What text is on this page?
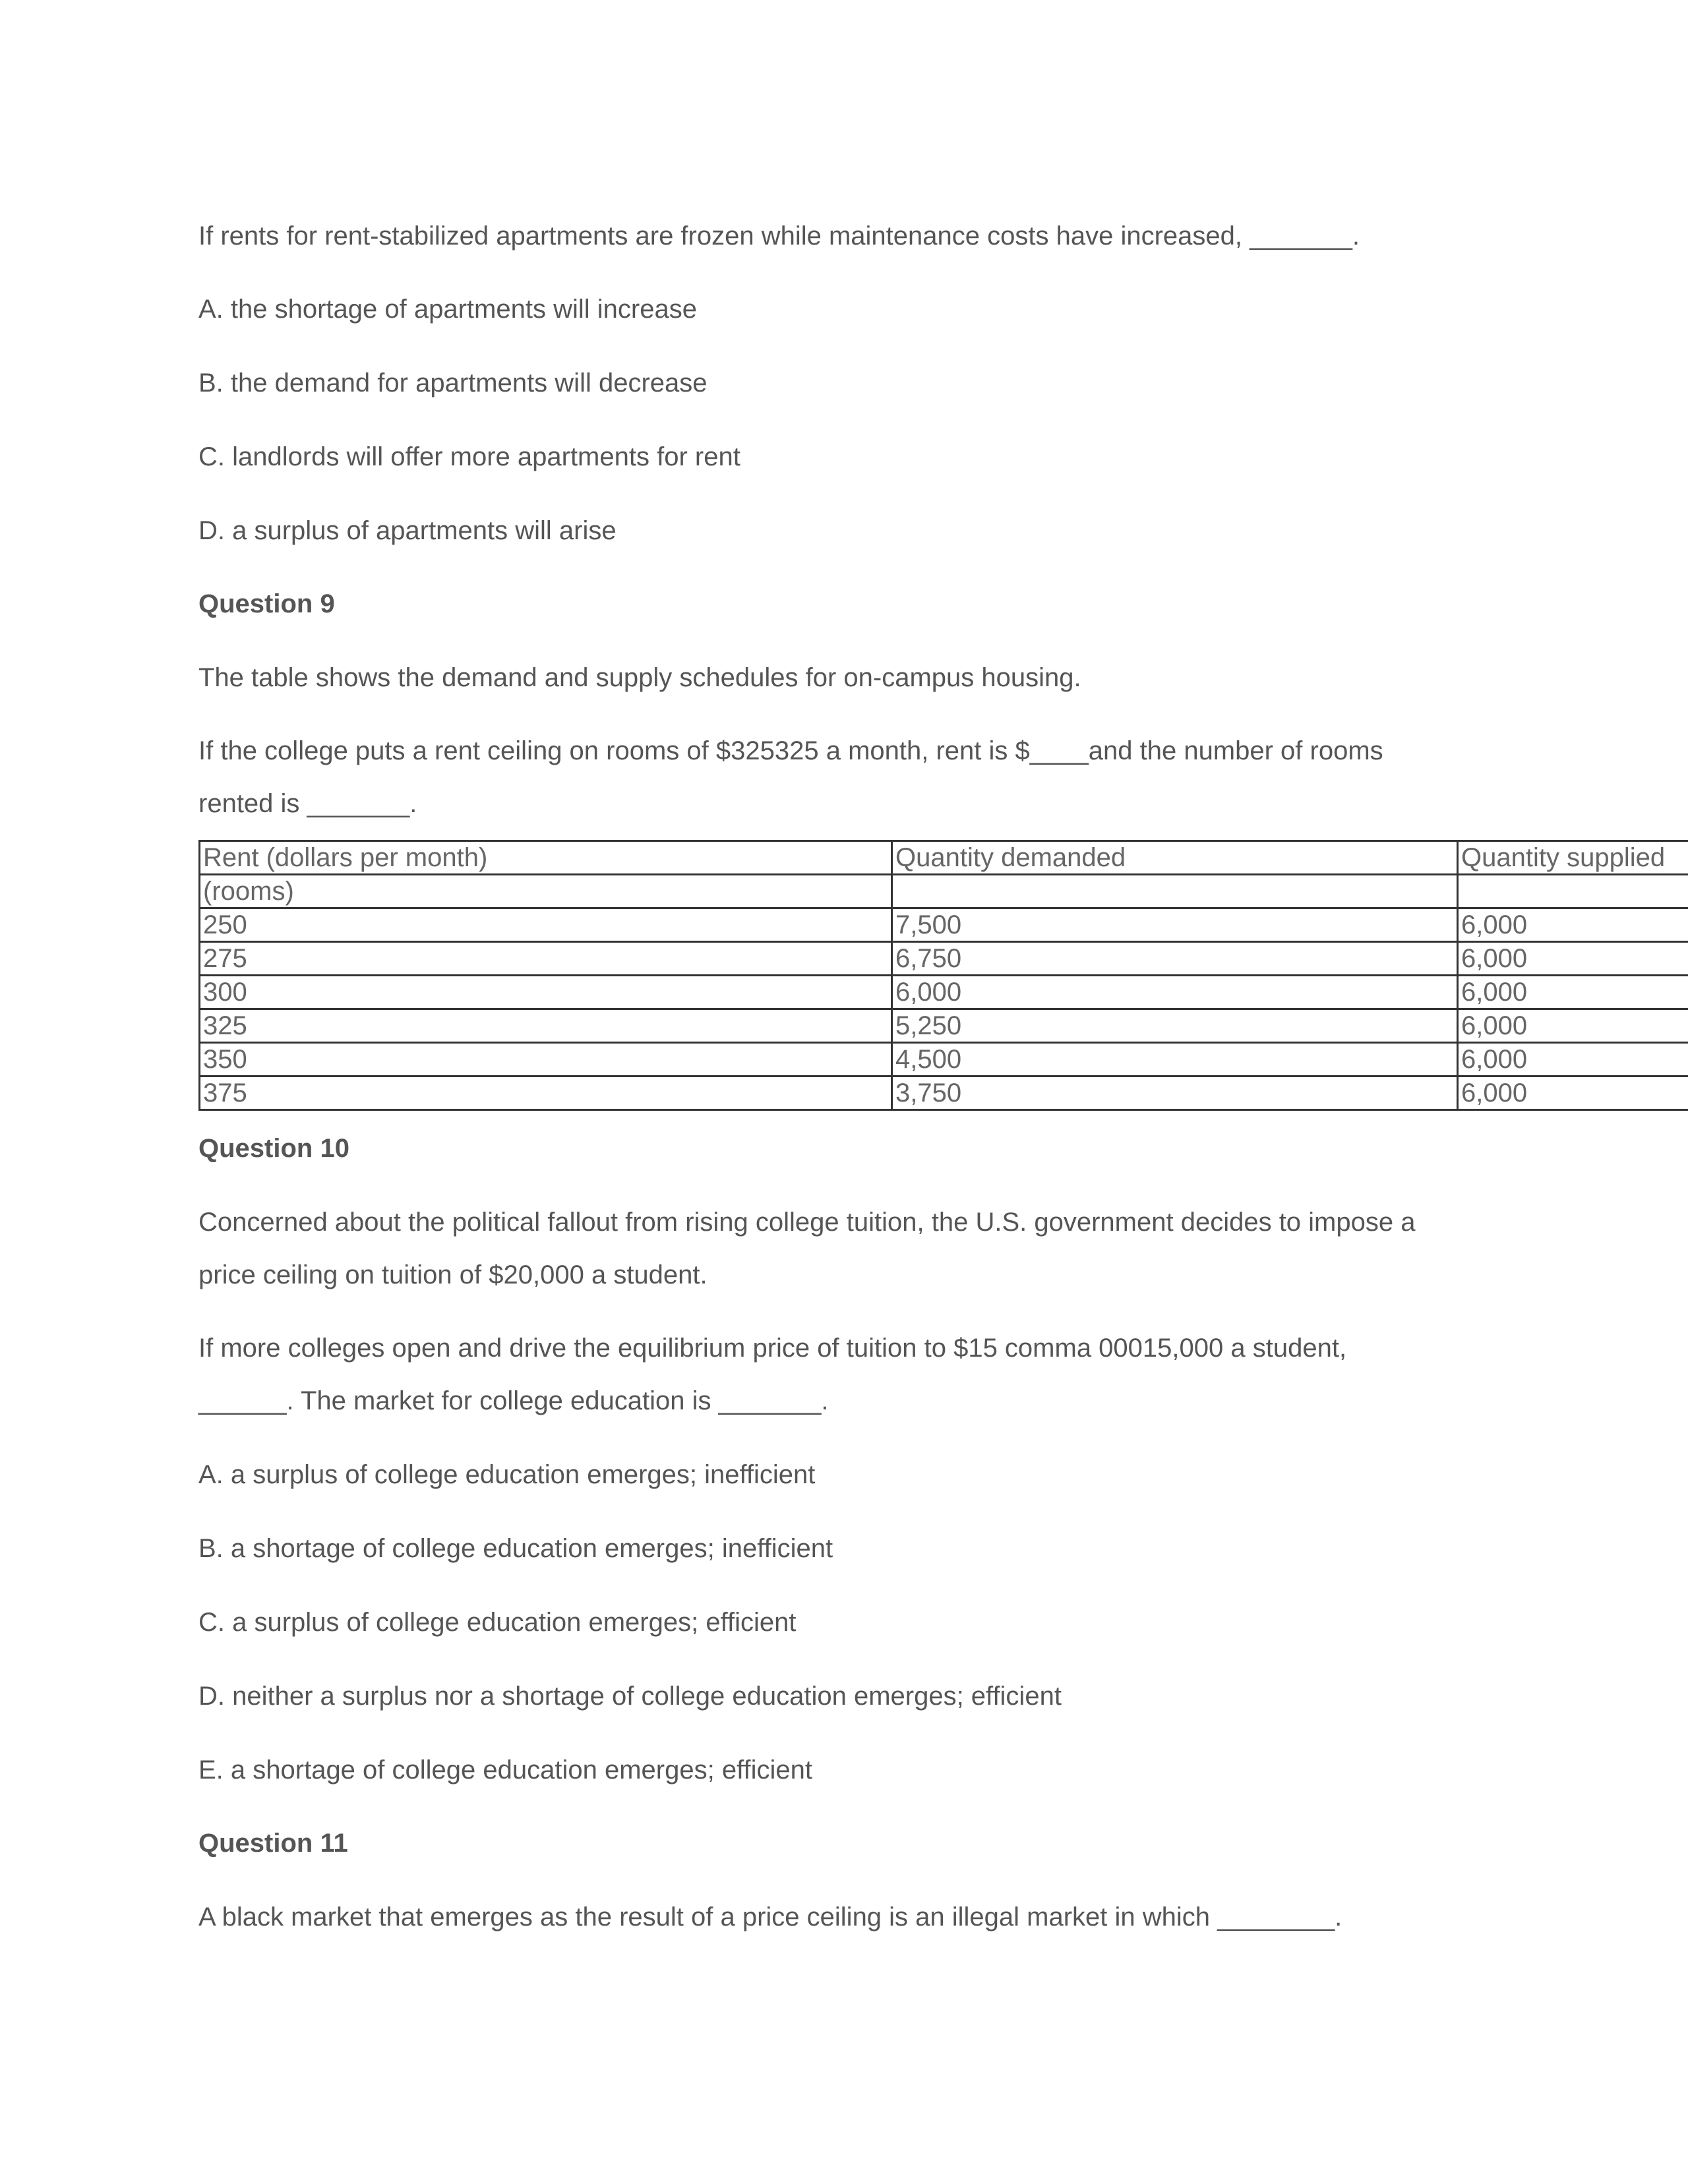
If rents for rent-stabilized apartments are frozen while maintenance costs have increased, _______.
A. the shortage of apartments will increase
B. the demand for apartments will decrease
C. landlords will offer more apartments for rent
D. a surplus of apartments will arise
Question 9
The table shows the demand and supply schedules for on-campus housing.
If the college puts a rent ceiling on rooms of $325325 a month, rent is $____and the number of rooms
rented is _______.
Rent (dollars per month)	Quantity demanded	Quantity supplied
(rooms)		
250	7,500	6,000
275	6,750	6,000
300	6,000	6,000
325	5,250	6,000
350	4,500	6,000
375	3,750	6,000
Question 10
Concerned about the political fallout from rising college tuition, the U.S. government decides to impose a
price ceiling on tuition of $20,000 a student.
If more colleges open and drive the equilibrium price of tuition to $15 comma 00015,000 a student,
______. The market for college education is _______.
A. a surplus of college education emerges; inefficient
B. a shortage of college education emerges; inefficient
C. a surplus of college education emerges; efficient
D. neither a surplus nor a shortage of college education emerges; efficient
E. a shortage of college education emerges; efficient
Question 11
A black market that emerges as the result of a price ceiling is an illegal market in which ________.
